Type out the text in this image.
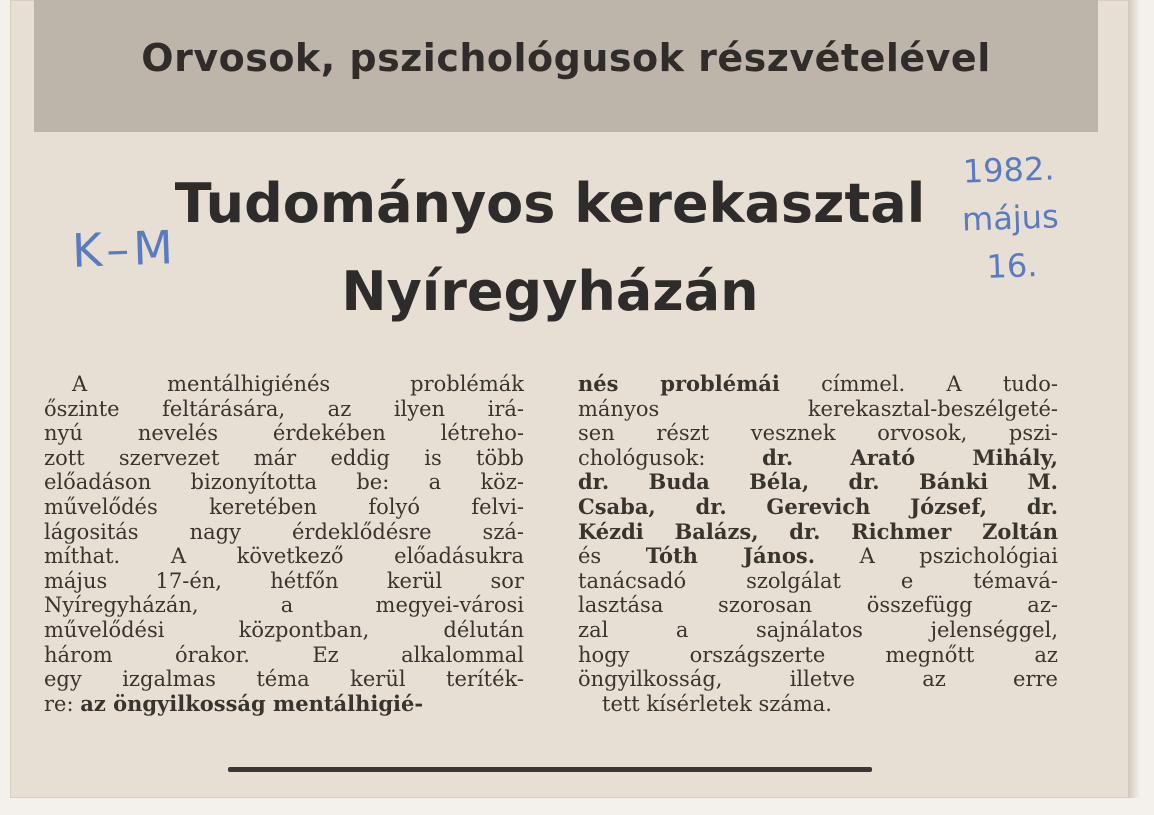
Orvosok, pszichológusok részvételével
Tudományos kerekasztal
Nyíregyházán
K–M
1982.
május
16.
A mentálhigiénés problémák
őszinte feltárására, az ilyen irá-
nyú nevelés érdekében létreho-
zott szervezet már eddig is több
előadáson bizonyította be: a köz-
művelődés keretében folyó felvi-
lágositás nagy érdeklődésre szá-
míthat. A következő előadásukra
május 17-én, hétfőn kerül sor
Nyíregyházán, a megyei-városi
művelődési központban, délután
három órakor. Ez alkalommal
egy izgalmas téma kerül teríték-
re: az öngyilkosság mentálhigié-
nés problémái címmel. A tudo-
mányos kerekasztal-beszélgeté-
sen részt vesznek orvosok, pszi-
chológusok:	dr. Arató Mihály,
dr. Buda Béla, dr. Bánki M.
Csaba, dr. Gerevich József, dr.
Kézdi Balázs, dr. Richmer Zoltán
és Tóth János. A pszichológiai
tanácsadó szolgálat e témavá-
lasztása szorosan összefügg az-
zal a sajnálatos jelenséggel,
hogy országszerte megnőtt az
öngyilkosság, illetve az erre
tett kísérletek száma.
